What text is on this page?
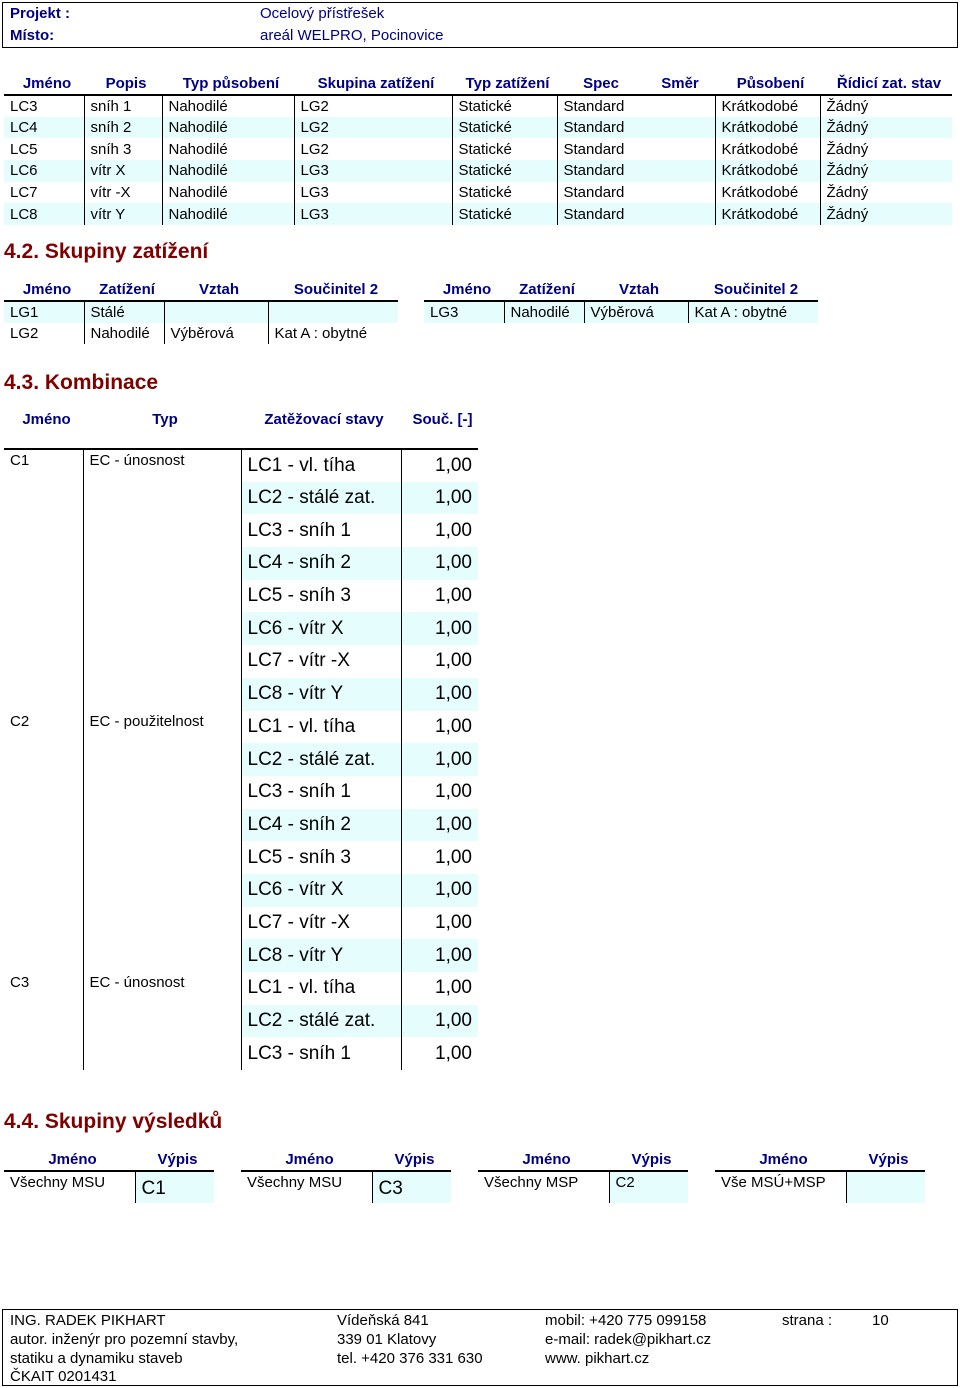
Projekt :	Ocelový přístřešek
Místo:	areál WELPRO, Pocinovice
Jméno	Popis	Typ působení	Skupina zatížení	Typ zatížení	Spec	Směr	Působení	Řídicí zat. stav
LC3	sníh 1	Nahodilé	LG2	Statické	Standard		Krátkodobé	Žádný
LC4	sníh 2	Nahodilé	LG2	Statické	Standard		Krátkodobé	Žádný
LC5	sníh 3	Nahodilé	LG2	Statické	Standard		Krátkodobé	Žádný
LC6	vítr X	Nahodilé	LG3	Statické	Standard		Krátkodobé	Žádný
LC7	vítr -X	Nahodilé	LG3	Statické	Standard		Krátkodobé	Žádný
LC8	vítr Y	Nahodilé	LG3	Statické	Standard		Krátkodobé	Žádný
4.2. Skupiny zatížení
Jméno	Zatížení	Vztah	Součinitel 2
LG1	Stálé		
LG2	Nahodilé	Výběrová	Kat A : obytné
Jméno	Zatížení	Vztah	Součinitel 2
LG3	Nahodilé	Výběrová	Kat A : obytné
4.3. Kombinace
Jméno	Typ	Zatěžovací stavy	Souč. [-]
C1	EC - únosnost	LC1 - vl. tíha	1,00
		LC2 - stálé zat.	1,00
		LC3 - sníh 1	1,00
		LC4 - sníh 2	1,00
		LC5 - sníh 3	1,00
		LC6 - vítr X	1,00
		LC7 - vítr -X	1,00
		LC8 - vítr Y	1,00
C2	EC - použitelnost	LC1 - vl. tíha	1,00
		LC2 - stálé zat.	1,00
		LC3 - sníh 1	1,00
		LC4 - sníh 2	1,00
		LC5 - sníh 3	1,00
		LC6 - vítr X	1,00
		LC7 - vítr -X	1,00
		LC8 - vítr Y	1,00
C3	EC - únosnost	LC1 - vl. tíha	1,00
		LC2 - stálé zat.	1,00
		LC3 - sníh 1	1,00
4.4. Skupiny výsledků
Jméno	Výpis
Všechny MSU	C1
Jméno	Výpis
Všechny MSU	C3
Jméno	Výpis
Všechny MSP	C2
Jméno	Výpis
Vše MSÚ+MSP	
ING. RADEK PIKHART
autor. inženýr pro pozemní stavby,
statiku a dynamiku staveb
ČKAIT 0201431
Vídeňská 841
339 01 Klatovy
tel. +420 376 331 630
mobil: +420 775 099158
e-mail: radek@pikhart.cz
www. pikhart.cz
strana :	10
